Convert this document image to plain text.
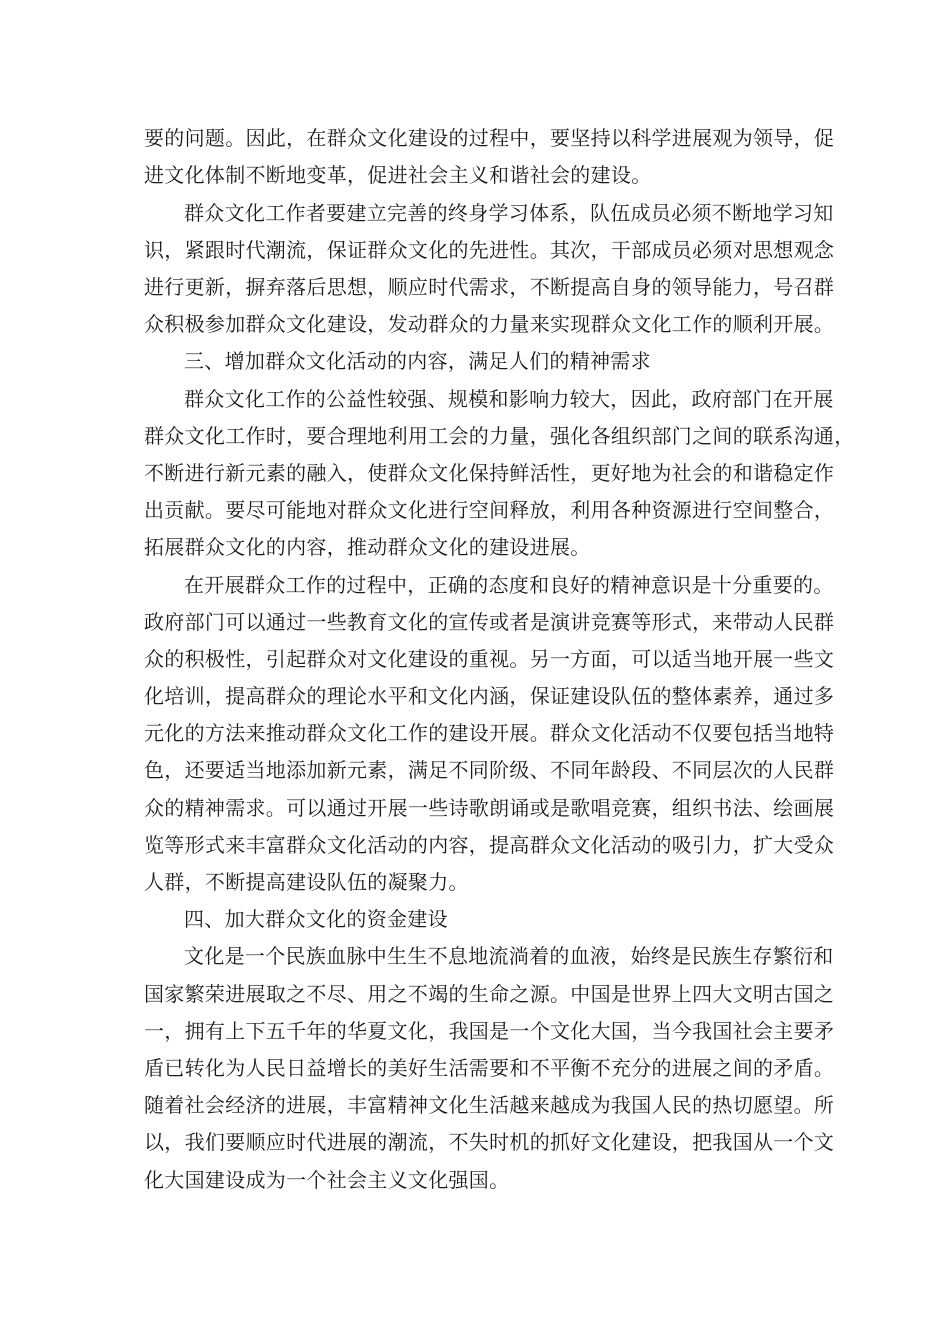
要的问题。因此，在群众文化建设的过程中，要坚持以科学进展观为领导，促
进文化体制不断地变革，促进社会主义和谐社会的建设。
群众文化工作者要建立完善的终身学习体系，队伍成员必须不断地学习知
识，紧跟时代潮流，保证群众文化的先进性。其次，干部成员必须对思想观念
进行更新，摒弃落后思想，顺应时代需求，不断提高自身的领导能力，号召群
众积极参加群众文化建设，发动群众的力量来实现群众文化工作的顺利开展。
三、增加群众文化活动的内容，满足人们的精神需求
群众文化工作的公益性较强、规模和影响力较大，因此，政府部门在开展
群众文化工作时，要合理地利用工会的力量，强化各组织部门之间的联系沟通，
不断进行新元素的融入，使群众文化保持鲜活性，更好地为社会的和谐稳定作
出贡献。要尽可能地对群众文化进行空间释放，利用各种资源进行空间整合，
拓展群众文化的内容，推动群众文化的建设进展。
在开展群众工作的过程中，正确的态度和良好的精神意识是十分重要的。
政府部门可以通过一些教育文化的宣传或者是演讲竞赛等形式，来带动人民群
众的积极性，引起群众对文化建设的重视。另一方面，可以适当地开展一些文
化培训，提高群众的理论水平和文化内涵，保证建设队伍的整体素养，通过多
元化的方法来推动群众文化工作的建设开展。群众文化活动不仅要包括当地特
色，还要适当地添加新元素，满足不同阶级、不同年龄段、不同层次的人民群
众的精神需求。可以通过开展一些诗歌朗诵或是歌唱竞赛，组织书法、绘画展
览等形式来丰富群众文化活动的内容，提高群众文化活动的吸引力，扩大受众
人群，不断提高建设队伍的凝聚力。
四、加大群众文化的资金建设
文化是一个民族血脉中生生不息地流淌着的血液，始终是民族生存繁衍和
国家繁荣进展取之不尽、用之不竭的生命之源。中国是世界上四大文明古国之
一，拥有上下五千年的华夏文化，我国是一个文化大国，当今我国社会主要矛
盾已转化为人民日益增长的美好生活需要和不平衡不充分的进展之间的矛盾。
随着社会经济的进展，丰富精神文化生活越来越成为我国人民的热切愿望。所
以，我们要顺应时代进展的潮流，不失时机的抓好文化建设，把我国从一个文
化大国建设成为一个社会主义文化强国。
